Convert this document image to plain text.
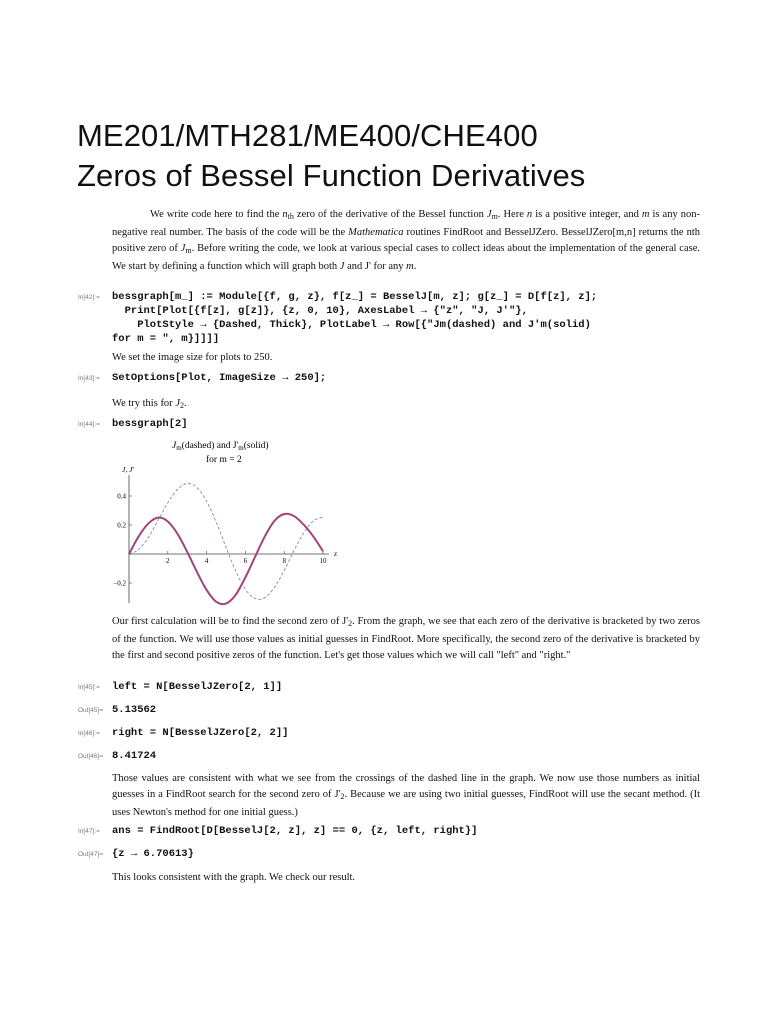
ME201/MTH281/ME400/CHE400
Zeros of Bessel Function Derivatives

We write code here to find the $n_{th}$ zero of the derivative of the Bessel function $J_m$. Here n is a positive integer, and m is any non-negative real number. The basis of the code will be the Mathematica routines FindRoot and BesselJZero. BesselJZero[m,n] returns the nth positive zero of $J_m$. Before writing the code, we look at various special cases to collect ideas about the implementation of the general case. We start by defining a function which will graph both J and J' for any m.

In[42]:=	bessgraph[m_] := Module[{f, g, z}, f[z_] = BesselJ[m, z]; g[z_] = D[f[z], z];
Print[Plot[{f[z], g[z]}, {z, 0, 10}, AxesLabel → {"z", "J, J'"},
PlotStyle → {Dashed, Thick}, PlotLabel → Row[{"Jm(dashed) and J'm(solid)
for m = ", m}]]]]

We set the image size for plots to 250.

In[43]:=	SetOptions[Plot, ImageSize → 250];

We try this for $J_2$.

In[44]:=	bessgraph[2]
$J_m(dashed)$ and $J'_m(solid)$
for m = 2
J, J'
z
2	4	6	8	10
0.4
0.2
−0.2

Our first calculation will be to find the second zero of $J'_2$. From the graph, we see that each zero of the derivative is bracketed by two zeros of the function. We will use those values as initial guesses in FindRoot. More specifically, the second zero of the derivative is bracketed by the first and second positive zeros of the function. Let's get those values which we will call "left" and "right."

In[45]:=	left = N[BesselJZero[2, 1]]
Out[45]= 5.13562
In[46]:=	right = N[BesselJZero[2, 2]]
Out[46]= 8.41724

Those values are consistent with what we see from the crossings of the dashed line in the graph. We now use those numbers as initial guesses in a FindRoot search for the second zero of $J'_2$. Because we are using two initial guesses, FindRoot will use the secant method. (It uses Newton's method for one initial guess.)

In[47]:=	ans = FindRoot[D[BesselJ[2, z], z] == 0, {z, left, right}]
Out[47]= {z → 6.70613}

This looks consistent with the graph. We check our result.
